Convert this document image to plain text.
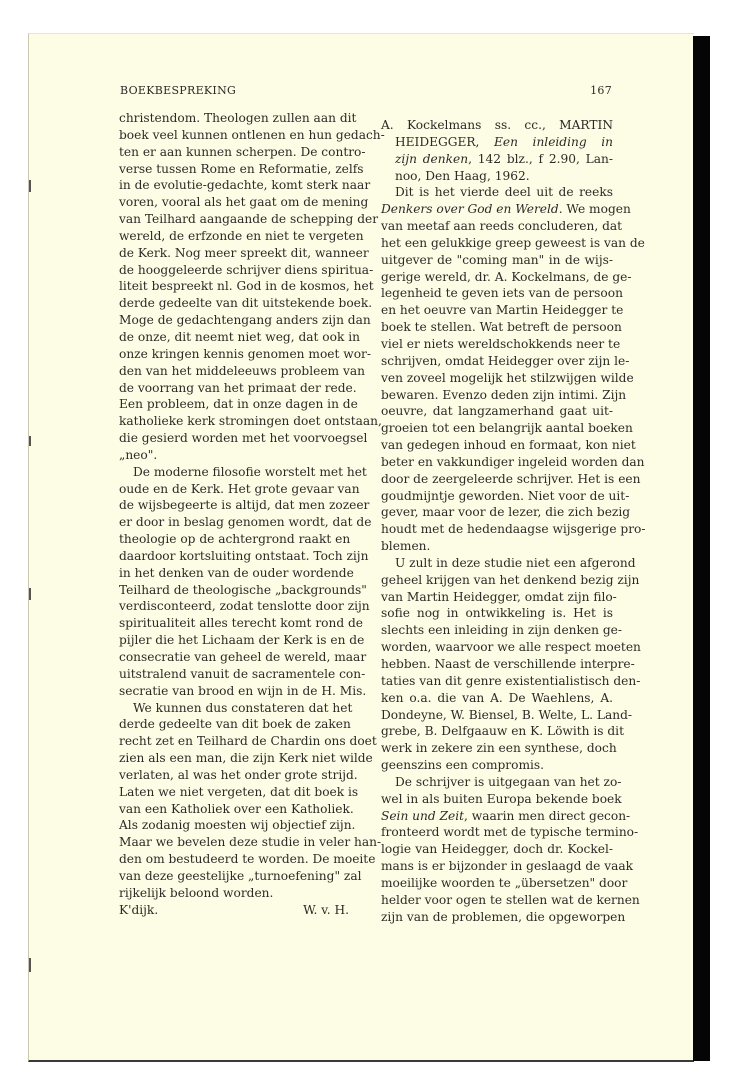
BOEKBESPREKING	167
christendom. Theologen zullen aan dit
boek veel kunnen ontlenen en hun gedach-
ten er aan kunnen scherpen. De contro-
verse tussen Rome en Reformatie, zelfs
in de evolutie-gedachte, komt sterk naar
voren, vooral als het gaat om de mening
van Teilhard aangaande de schepping der
wereld, de erfzonde en niet te vergeten
de Kerk. Nog meer spreekt dit, wanneer
de hooggeleerde schrijver diens spiritua-
liteit bespreekt nl. God in de kosmos, het
derde gedeelte van dit uitstekende boek.
Moge de gedachtengang anders zijn dan
de onze, dit neemt niet weg, dat ook in
onze kringen kennis genomen moet wor-
den van het middeleeuws probleem van
de voorrang van het primaat der rede.
Een probleem, dat in onze dagen in de
katholieke kerk stromingen doet ontstaan,
die gesierd worden met het voorvoegsel
„neo".
De moderne filosofie worstelt met het
oude en de Kerk. Het grote gevaar van
de wijsbegeerte is altijd, dat men zozeer
er door in beslag genomen wordt, dat de
theologie op de achtergrond raakt en
daardoor kortsluiting ontstaat. Toch zijn
in het denken van de ouder wordende
Teilhard de theologische „backgrounds"
verdisconteerd, zodat tenslotte door zijn
spiritualiteit alles terecht komt rond de
pijler die het Lichaam der Kerk is en de
consecratie van geheel de wereld, maar
uitstralend vanuit de sacramentele con-
secratie van brood en wijn in de H. Mis.
We kunnen dus constateren dat het
derde gedeelte van dit boek de zaken
recht zet en Teilhard de Chardin ons doet
zien als een man, die zijn Kerk niet wilde
verlaten, al was het onder grote strijd.
Laten we niet vergeten, dat dit boek is
van een Katholiek over een Katholiek.
Als zodanig moesten wij objectief zijn.
Maar we bevelen deze studie in veler han-
den om bestudeerd te worden. De moeite
van deze geestelijke „turnoefening" zal
rijkelijk beloond worden.
K'dijk.	W. v. H.
A. Kockelmans ss. cc., MARTIN
HEIDEGGER, Een inleiding in
zijn denken, 142 blz., f 2.90, Lan-
noo, Den Haag, 1962.
Dit is het vierde deel uit de reeks
Denkers over God en Wereld. We mogen
van meetaf aan reeds concluderen, dat
het een gelukkige greep geweest is van de
uitgever de "coming man" in de wijs-
gerige wereld, dr. A. Kockelmans, de ge-
legenheid te geven iets van de persoon
en het oeuvre van Martin Heidegger te
boek te stellen. Wat betreft de persoon
viel er niets wereldschokkends neer te
schrijven, omdat Heidegger over zijn le-
ven zoveel mogelijk het stilzwijgen wilde
bewaren. Evenzo deden zijn intimi. Zijn
oeuvre, dat langzamerhand gaat uit-
groeien tot een belangrijk aantal boeken
van gedegen inhoud en formaat, kon niet
beter en vakkundiger ingeleid worden dan
door de zeergeleerde schrijver. Het is een
goudmijntje geworden. Niet voor de uit-
gever, maar voor de lezer, die zich bezig
houdt met de hedendaagse wijsgerige pro-
blemen.
U zult in deze studie niet een afgerond
geheel krijgen van het denkend bezig zijn
van Martin Heidegger, omdat zijn filo-
sofie nog in ontwikkeling is. Het is
slechts een inleiding in zijn denken ge-
worden, waarvoor we alle respect moeten
hebben. Naast de verschillende interpre-
taties van dit genre existentialistisch den-
ken o.a. die van A. De Waehlens, A.
Dondeyne, W. Biensel, B. Welte, L. Land-
grebe, B. Delfgaauw en K. Löwith is dit
werk in zekere zin een synthese, doch
geenszins een compromis.
De schrijver is uitgegaan van het zo-
wel in als buiten Europa bekende boek
Sein und Zeit, waarin men direct gecon-
fronteerd wordt met de typische termino-
logie van Heidegger, doch dr. Kockel-
mans is er bijzonder in geslaagd de vaak
moeilijke woorden te „übersetzen" door
helder voor ogen te stellen wat de kernen
zijn van de problemen, die opgeworpen
